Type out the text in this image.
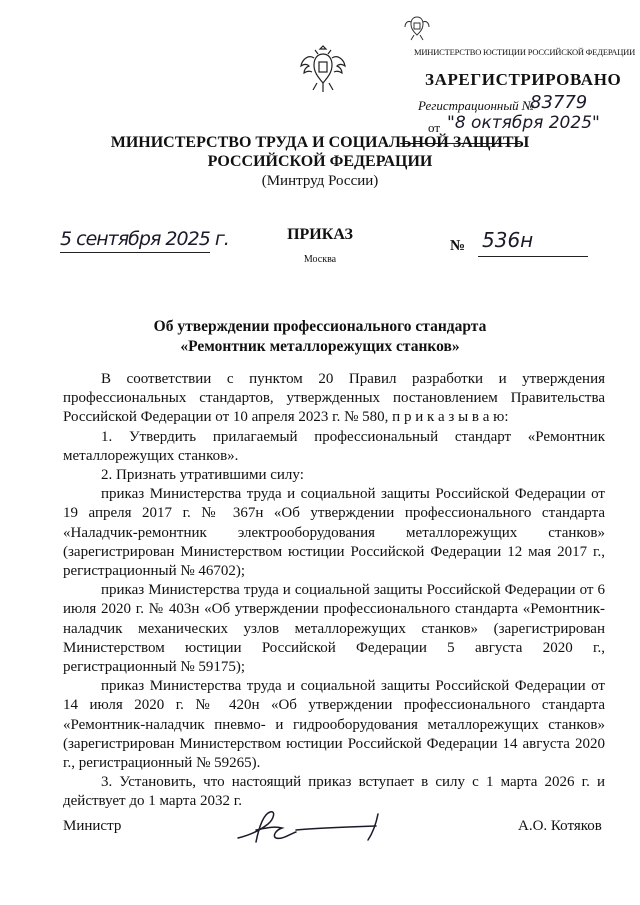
МИНИСТЕРСТВО ЮСТИЦИИ РОССИЙСКОЙ ФЕДЕРАЦИИ
ЗАРЕГИСТРИРОВАНО
Регистрационный №
83779
от "8 октября 2025"
МИНИСТЕРСТВО ТРУДА И СОЦИАЛЬНОЙ ЗАЩИТЫ
РОССИЙСКОЙ ФЕДЕРАЦИИ
(Минтруд России)
5 сентября 2025 г.	ПРИКАЗ
Москва
№ 536н
Об утверждении профессионального стандарта
«Ремонтник металлорежущих станков»

В соответствии с пунктом 20 Правил разработки и утверждения профессиональных стандартов, утвержденных постановлением Правительства Российской Федерации от 10 апреля 2023 г. № 580, п р и к а з ы в а ю:

1. Утвердить прилагаемый профессиональный стандарт «Ремонтник металлорежущих станков».

2. Признать утратившими силу:

приказ Министерства труда и социальной защиты Российской Федерации от 19 апреля 2017 г. № 367н «Об утверждении профессионального стандарта «Наладчик-ремонтник электрооборудования металлорежущих станков» (зарегистрирован Министерством юстиции Российской Федерации 12 мая 2017 г., регистрационный № 46702);

приказ Министерства труда и социальной защиты Российской Федерации от 6 июля 2020 г. № 403н «Об утверждении профессионального стандарта «Ремонтник-наладчик механических узлов металлорежущих станков» (зарегистрирован Министерством юстиции Российской Федерации 5 августа 2020 г., регистрационный № 59175);

приказ Министерства труда и социальной защиты Российской Федерации от 14 июля 2020 г. № 420н «Об утверждении профессионального стандарта «Ремонтник-наладчик пневмо- и гидрооборудования металлорежущих станков» (зарегистрирован Министерством юстиции Российской Федерации 14 августа 2020 г., регистрационный № 59265).

3. Установить, что настоящий приказ вступает в силу с 1 марта 2026 г. и действует до 1 марта 2032 г.

Министр	А.О. Котяков
